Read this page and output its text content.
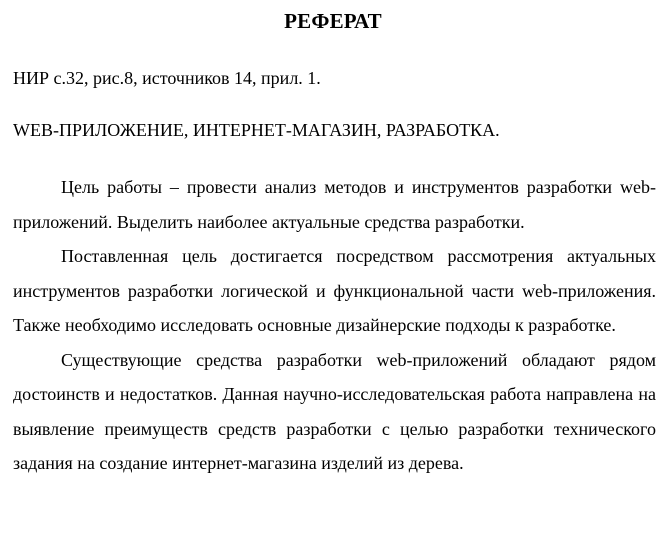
РЕФЕРАТ
НИР с.32, рис.8, источников 14, прил. 1.
WEB-ПРИЛОЖЕНИЕ, ИНТЕРНЕТ-МАГАЗИН, РАЗРАБОТКА.

Цель работы – провести анализ методов и инструментов разработки web-приложений. Выделить наиболее актуальные средства разработки.

Поставленная цель достигается посредством рассмотрения актуальных инструментов разработки логической и функциональной части web-приложения. Также необходимо исследовать основные дизайнерские подходы к разработке.

Существующие средства разработки web-приложений обладают рядом достоинств и недостатков. Данная научно-исследовательская работа направлена на выявление преимуществ средств разработки с целью разработки технического задания на создание интернет-магазина изделий из дерева.
